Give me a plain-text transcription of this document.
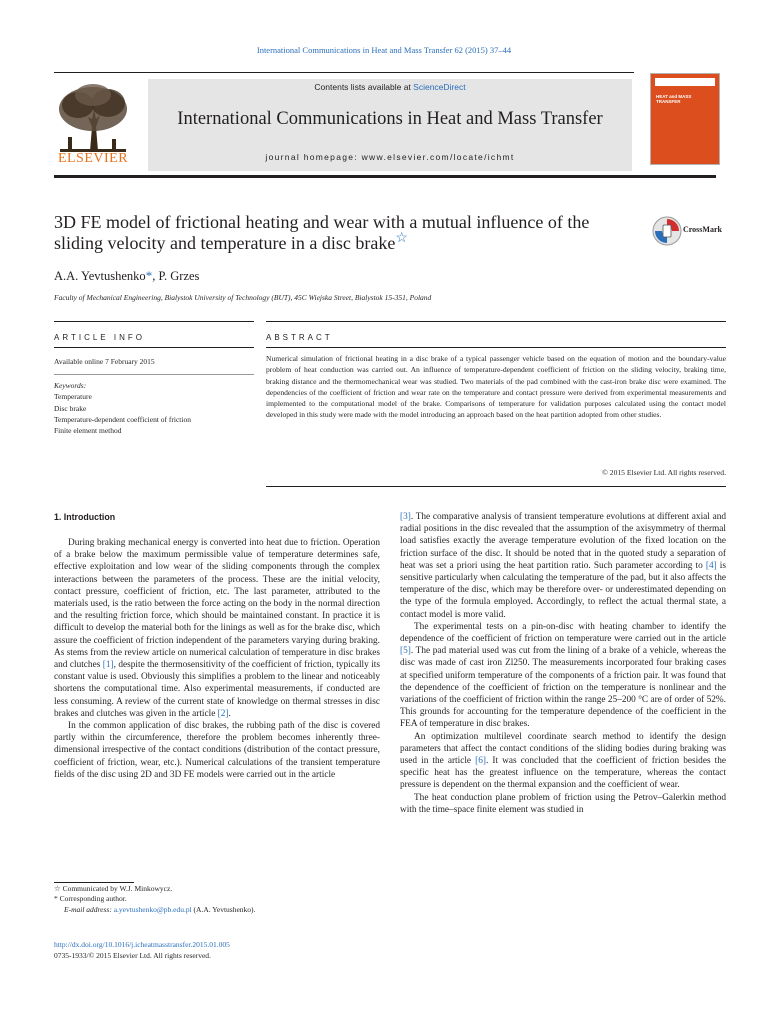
International Communications in Heat and Mass Transfer 62 (2015) 37–44
ELSEVIER
Contents lists available at ScienceDirect
International Communications in Heat and Mass Transfer
journal homepage: www.elsevier.com/locate/ichmt
HEAT and MASS TRANSFER
3D FE model of frictional heating and wear with a mutual influence of the
sliding velocity and temperature in a disc brake☆
CrossMark
A.A. Yevtushenko*, P. Grzes
Faculty of Mechanical Engineering, Bialystok University of Technology (BUT), 45C Wiejska Street, Bialystok 15-351, Poland
ARTICLE INFO	ABSTRACT
Available online 7 February 2015
Keywords:
Temperature
Disc brake
Temperature-dependent coefficient of friction
Finite element method
Numerical simulation of frictional heating in a disc brake of a typical passenger vehicle based on the equation of motion and the boundary-value problem of heat conduction was carried out. An influence of temperature-dependent coefficient of friction on the sliding velocity, braking time, braking distance and the thermomechanical wear was studied. Two materials of the pad combined with the cast-iron brake disc were examined. The dependencies of the coefficient of friction and wear rate on the temperature and contact pressure were derived from experimental measurements and implemented to the computational model of the brake. Comparisons of temperature for validation purposes calculated using the contact model developed in this study were made with the model introducing an approach based on the heat partition adopted from other studies.
© 2015 Elsevier Ltd. All rights reserved.
1. Introduction

During braking mechanical energy is converted into heat due to friction. Operation of a brake below the maximum permissible value of temperature determines safe, effective exploitation and low wear of the sliding components through the complex interactions between the parameters of the process. These are the initial velocity, contact pressure, coefficient of friction, etc. The last parameter, attributed to the materials used, is the ratio between the force acting on the body in the normal direction and the resulting friction force, which should be maintained constant. In practice it is difficult to develop the material both for the linings as well as for the brake disc, which assure the coefficient of friction independent of the parameters varying during braking. As stems from the review article on numerical calculation of temperature in disc brakes and clutches [1], despite the thermosensitivity of the coefficient of friction, typically its constant value is used. Obviously this simplifies a problem to the linear and noticeably shortens the computational time. Also experimental measurements, if conducted are less consuming. A review of the current state of knowledge on thermal stresses in disc brakes and clutches was given in the article [2].

In the common application of disc brakes, the rubbing path of the disc is covered partly within the circumference, therefore the problem becomes inherently three-dimensional irrespective of the contact conditions (distribution of the contact pressure, coefficient of friction, wear, etc.). Numerical calculations of the transient temperature fields of the disc using 2D and 3D FE models were carried out in the article

[3]. The comparative analysis of transient temperature evolutions at different axial and radial positions in the disc revealed that the assumption of the axisymmetry of thermal load satisfies exactly the average temperature evolution of the fixed location on the friction surface of the disc. It should be noted that in the quoted study a separation of heat was set a priori using the heat partition ratio. Such parameter according to [4] is sensitive particularly when calculating the temperature of the pad, but it also affects the temperature of the disc, which may be therefore over- or underestimated depending on the type of the formula employed. Accordingly, to reflect the actual thermal state, a contact model is more valid.

The experimental tests on a pin-on-disc with heating chamber to identify the dependence of the coefficient of friction on temperature were carried out in the article [5]. The pad material used was cut from the lining of a brake of a vehicle, whereas the disc was made of cast iron Zl250. The measurements incorporated four braking cases at specified uniform temperature of the components of a friction pair. It was found that the dependence of the coefficient of friction on the temperature is nonlinear and the variations of the coefficient of friction within the range 25–200 °C are of order of 52%. This grounds for accounting for the temperature dependence of the coefficient in the FEA of temperature in disc brakes.

An optimization multilevel coordinate search method to identify the design parameters that affect the contact conditions of the sliding bodies during braking was used in the article [6]. It was concluded that the coefficient of friction besides the specific heat has the greatest influence on the temperature, whereas the contact pressure is dependent on the thermal expansion and the coefficient of wear.

The heat conduction plane problem of friction using the Petrov–Galerkin method with the time–space finite element was studied in

☆ Communicated by W.J. Minkowycz.
* Corresponding author.
E-mail address: a.yevtushenko@pb.edu.pl (A.A. Yevtushenko).
http://dx.doi.org/10.1016/j.icheatmasstransfer.2015.01.005
0735-1933/© 2015 Elsevier Ltd. All rights reserved.
